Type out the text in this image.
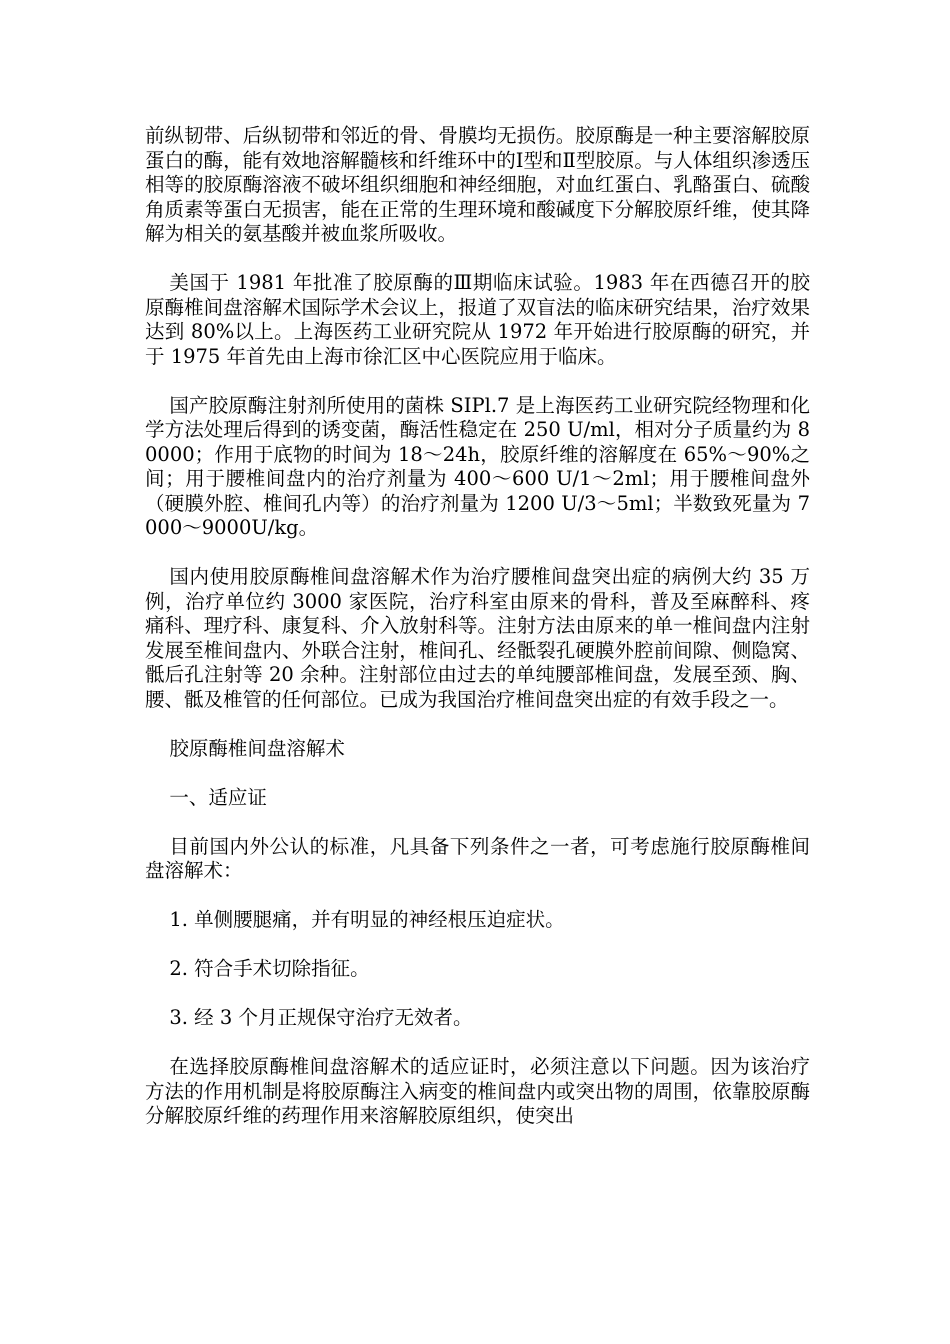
前纵韧带、后纵韧带和邻近的骨、骨膜均无损伤。胶原酶是一种主要溶解胶原蛋白的酶，能有效地溶解髓核和纤维环中的Ⅰ型和Ⅱ型胶原。与人体组织渗透压相等的胶原酶溶液不破坏组织细胞和神经细胞，对血红蛋白、乳酪蛋白、硫酸角质素等蛋白无损害，能在正常的生理环境和酸碱度下分解胶原纤维，使其降解为相关的氨基酸并被血浆所吸收。

美国于 1981 年批准了胶原酶的Ⅲ期临床试验。1983 年在西德召开的胶原酶椎间盘溶解术国际学术会议上，报道了双盲法的临床研究结果，治疗效果达到 80%以上。上海医药工业研究院从 1972 年开始进行胶原酶的研究，并于 1975 年首先由上海市徐汇区中心医院应用于临床。

国产胶原酶注射剂所使用的菌株 SIPl.7 是上海医药工业研究院经物理和化学方法处理后得到的诱变菌，酶活性稳定在 250 U/ml，相对分子质量约为 80000；作用于底物的时间为 18～24h，胶原纤维的溶解度在 65%～90%之间；用于腰椎间盘内的治疗剂量为 400～600 U/1～2ml；用于腰椎间盘外（硬膜外腔、椎间孔内等）的治疗剂量为 1200 U/3～5ml；半数致死量为 7000～9000U/kg。

国内使用胶原酶椎间盘溶解术作为治疗腰椎间盘突出症的病例大约 35 万例，治疗单位约 3000 家医院，治疗科室由原来的骨科，普及至麻醉科、疼痛科、理疗科、康复科、介入放射科等。注射方法由原来的单一椎间盘内注射发展至椎间盘内、外联合注射，椎间孔、经骶裂孔硬膜外腔前间隙、侧隐窝、骶后孔注射等 20 余种。注射部位由过去的单纯腰部椎间盘，发展至颈、胸、腰、骶及椎管的任何部位。已成为我国治疗椎间盘突出症的有效手段之一。

胶原酶椎间盘溶解术

一、适应证

目前国内外公认的标准，凡具备下列条件之一者，可考虑施行胶原酶椎间盘溶解术：

1. 单侧腰腿痛，并有明显的神经根压迫症状。

2. 符合手术切除指征。

3. 经 3 个月正规保守治疗无效者。

在选择胶原酶椎间盘溶解术的适应证时，必须注意以下问题。因为该治疗方法的作用机制是将胶原酶注入病变的椎间盘内或突出物的周围，依靠胶原酶分解胶原纤维的药理作用来溶解胶原组织，使突出
